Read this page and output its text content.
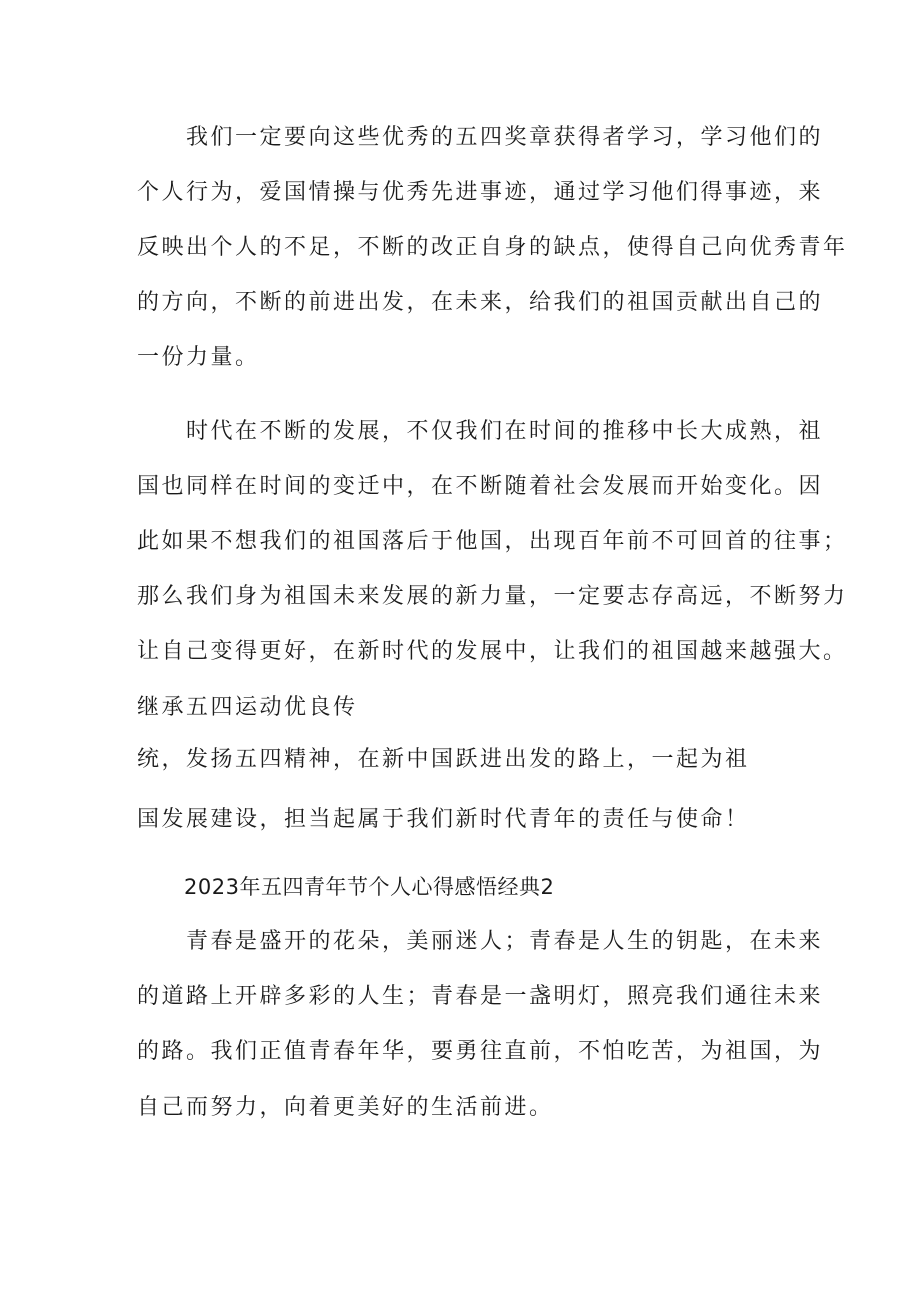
我们一定要向这些优秀的五四奖章获得者学习，学习他们的
个人行为，爱国情操与优秀先进事迹，通过学习他们得事迹，来
反映出个人的不足，不断的改正自身的缺点，使得自己向优秀青年
的方向，不断的前进出发，在未来，给我们的祖国贡献出自己的
一份力量。
时代在不断的发展，不仅我们在时间的推移中长大成熟，祖
国也同样在时间的变迁中，在不断随着社会发展而开始变化。因
此如果不想我们的祖国落后于他国，出现百年前不可回首的往事；
那么我们身为祖国未来发展的新力量，一定要志存高远，不断努力
让自己变得更好，在新时代的发展中，让我们的祖国越来越强大。
继承五四运动优良传
统，发扬五四精神，在新中国跃进出发的路上，一起为祖
国发展建设，担当起属于我们新时代青年的责任与使命！
2023年五四青年节个人心得感悟经典2
青春是盛开的花朵，美丽迷人；青春是人生的钥匙，在未来
的道路上开辟多彩的人生；青春是一盏明灯，照亮我们通往未来
的路。我们正值青春年华，要勇往直前，不怕吃苦，为祖国，为
自己而努力，向着更美好的生活前进。
